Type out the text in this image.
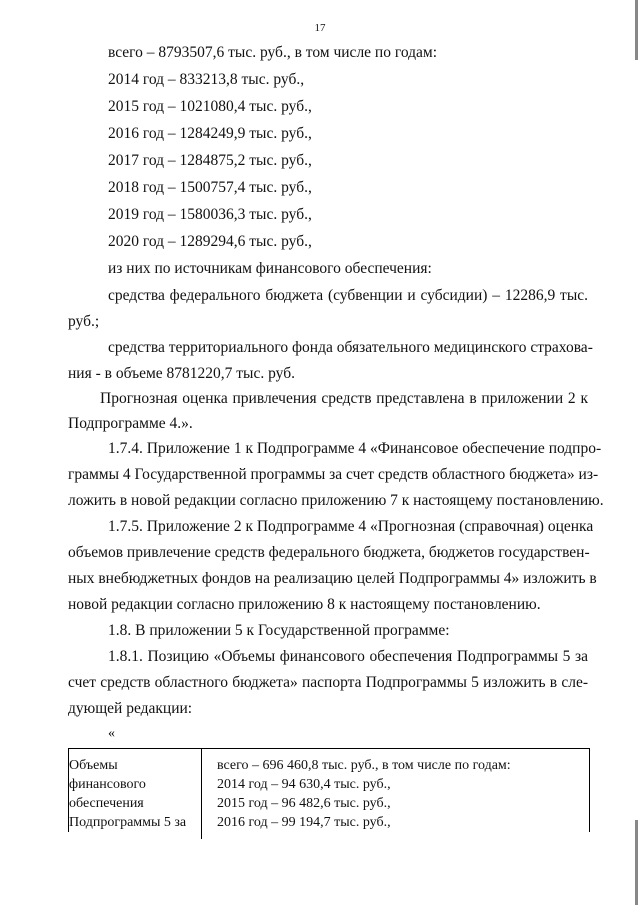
17
всего – 8793507,6 тыс. руб., в том числе по годам:
2014 год – 833213,8 тыс. руб.,
2015 год – 1021080,4 тыс. руб.,
2016 год – 1284249,9 тыс. руб.,
2017 год – 1284875,2 тыс. руб.,
2018 год – 1500757,4 тыс. руб.,
2019 год – 1580036,3 тыс. руб.,
2020 год – 1289294,6 тыс. руб.,
из них по источникам финансового обеспечения:
средства федерального бюджета (субвенции и субсидии) – 12286,9 тыс.
руб.;
средства территориального фонда обязательного медицинского страхова-
ния - в объеме 8781220,7 тыс. руб.
Прогнозная оценка привлечения средств представлена в приложении 2 к
Подпрограмме 4.».
1.7.4. Приложение 1 к Подпрограмме 4 «Финансовое обеспечение подпро-
граммы 4 Государственной программы за счет средств областного бюджета» из-
ложить в новой редакции согласно приложению 7 к настоящему постановлению.
1.7.5. Приложение 2 к Подпрограмме 4 «Прогнозная (справочная) оценка
объемов привлечение средств федерального бюджета, бюджетов государствен-
ных внебюджетных фондов на реализацию целей Подпрограммы 4» изложить в
новой редакции согласно приложению 8 к настоящему постановлению.
1.8. В приложении 5 к Государственной программе:
1.8.1. Позицию «Объемы финансового обеспечения Подпрограммы 5 за
счет средств областного бюджета» паспорта Подпрограммы 5 изложить в сле-
дующей редакции:
«
Объемы
финансового
обеспечения
Подпрограммы 5 за
всего – 696 460,8 тыс. руб., в том числе по годам:
2014 год – 94 630,4 тыс. руб.,
2015 год – 96 482,6 тыс. руб.,
2016 год – 99 194,7 тыс. руб.,
